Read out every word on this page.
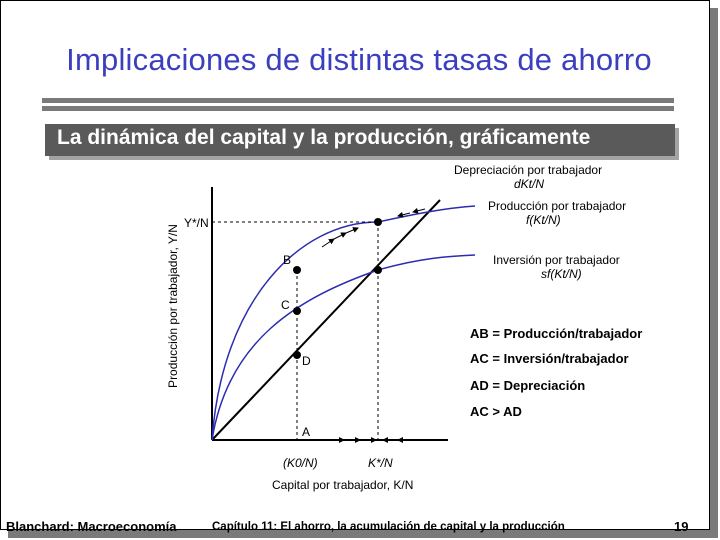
Implicaciones de distintas tasas de ahorro
La dinámica del capital y la producción, gráficamente
Depreciación por trabajador
dKt/N
Producción por trabajador
f(Kt/N)
Inversión por trabajador
sf(Kt/N)
Producción por trabajador, Y/N
Y*/N
B
C
D
A
(K0/N)	K*/N
Capital por trabajador, K/N
AB = Producción/trabajador
AC = Inversión/trabajador
AD = Depreciación
AC > AD
Blanchard: Macroeconomía	Capítulo 11: El ahorro, la acumulación de capital y la producción	19
